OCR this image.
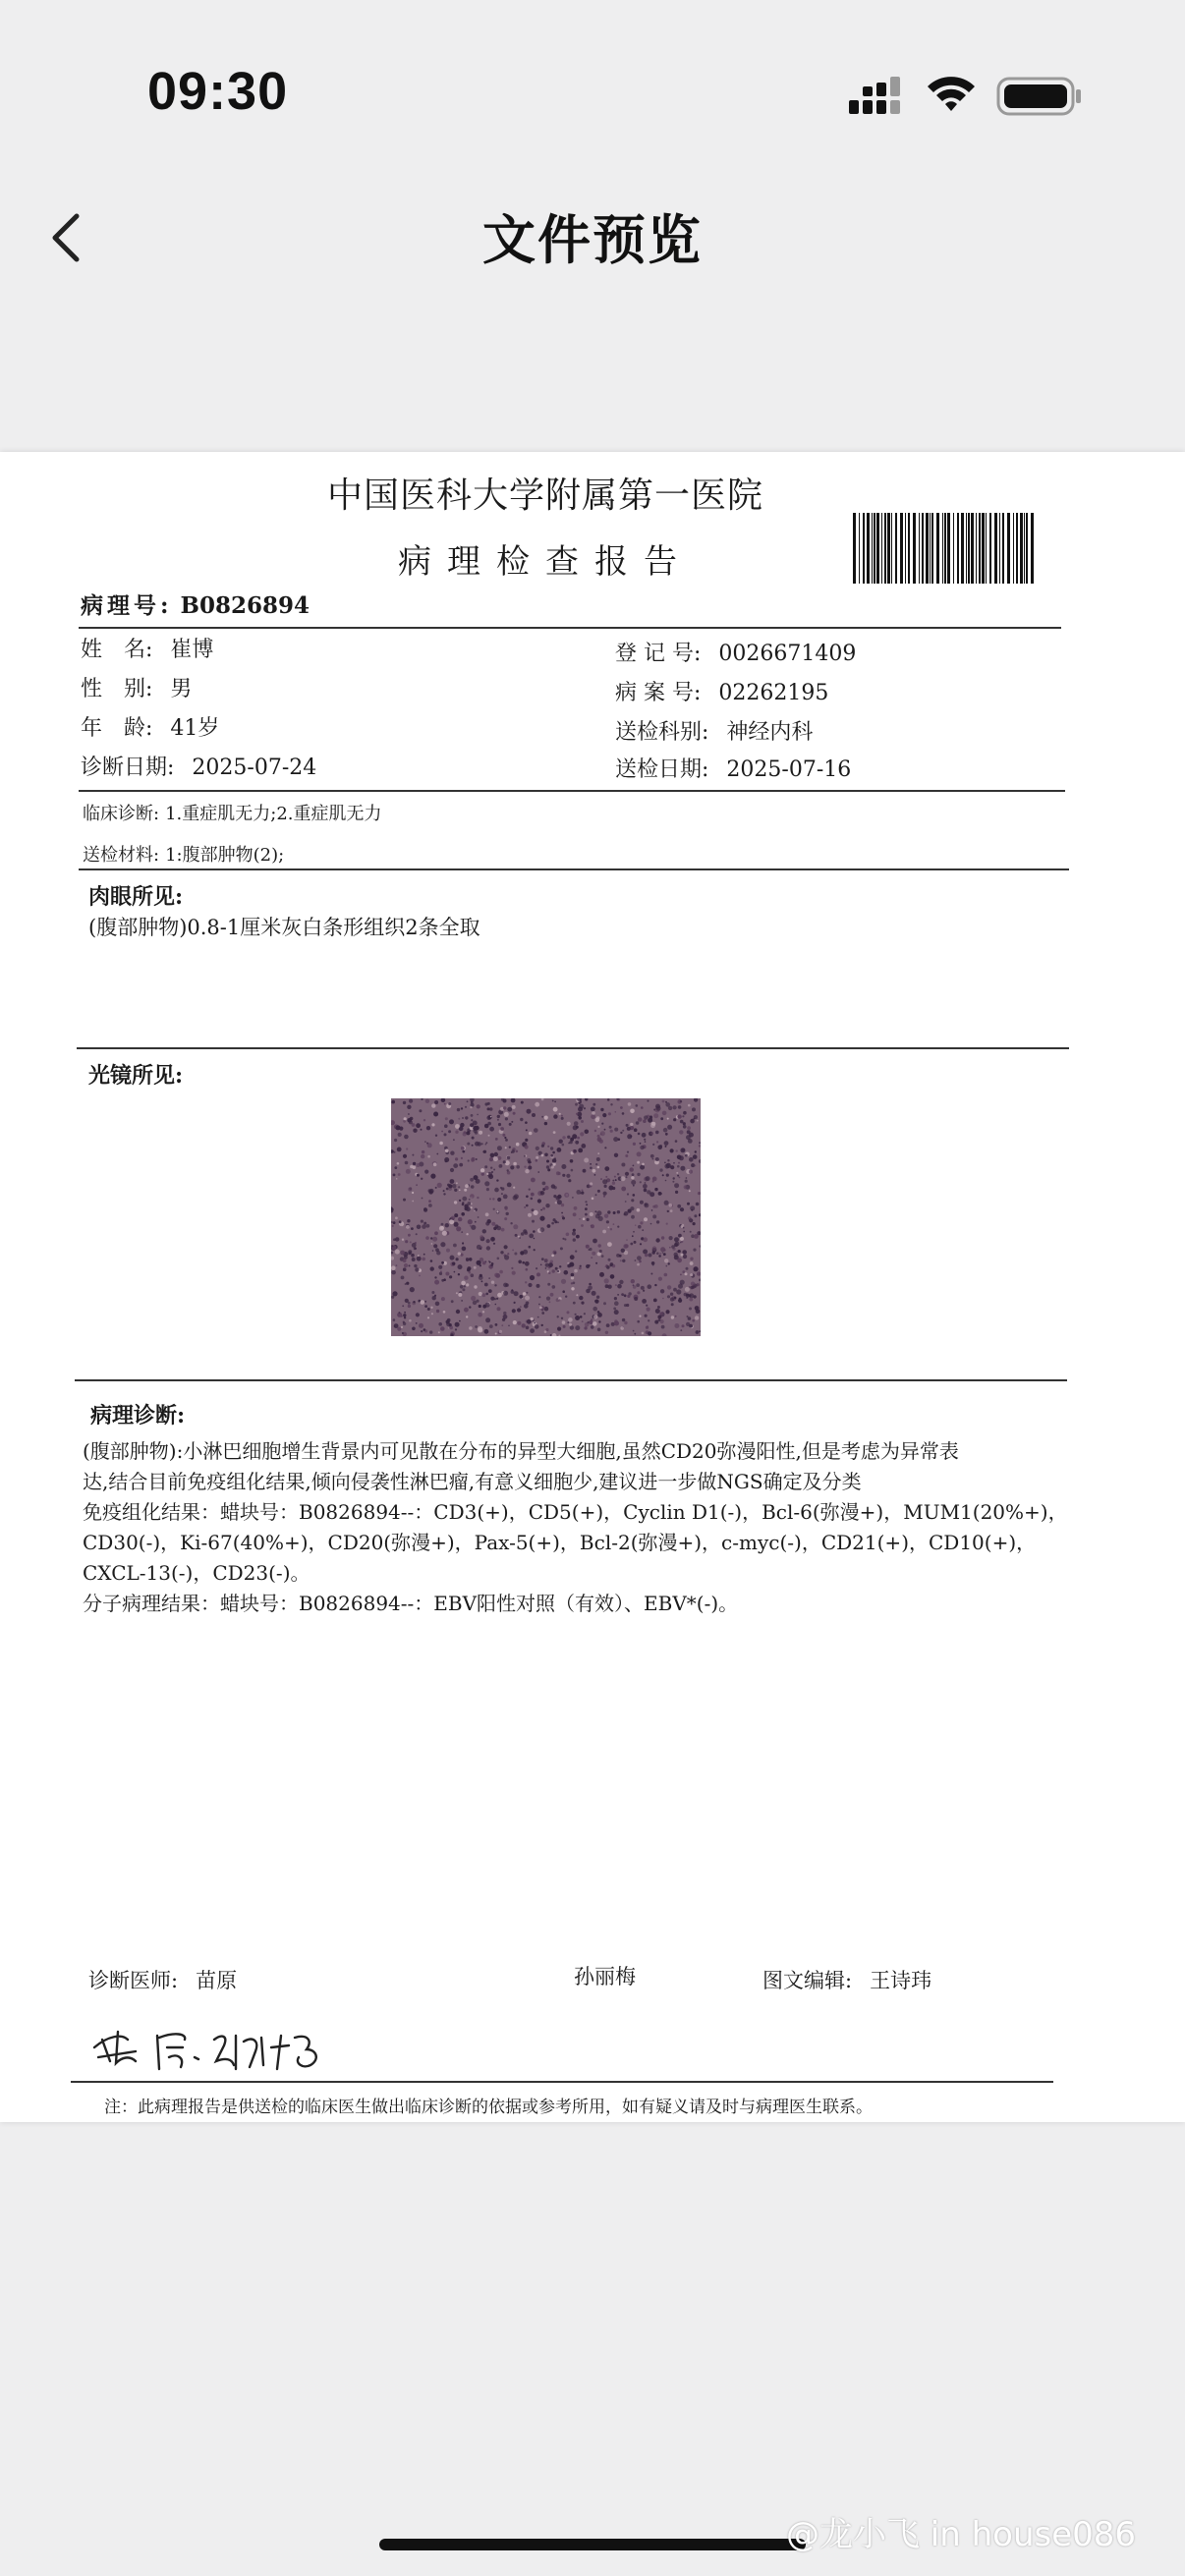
09:30
文件预览
中国医科大学附属第一医院
病理检查报告
病理号: B0826894
姓　名: 崔博
性　别: 男
年　龄: 41岁
诊断日期: 2025-07-24
登 记 号: 0026671409
病 案 号: 02262195
送检科别: 神经内科
送检日期: 2025-07-16
临床诊断: 1.重症肌无力;2.重症肌无力
送检材料: 1:腹部肿物(2);
肉眼所见:
(腹部肿物)0.8-1厘米灰白条形组织2条全取
光镜所见:
病理诊断:

(腹部肿物):小淋巴细胞增生背景内可见散在分布的异型大细胞,虽然CD20弥漫阳性,但是考虑为异常表

达,结合目前免疫组化结果,倾向侵袭性淋巴瘤,有意义细胞少,建议进一步做NGS确定及分类

免疫组化结果：蜡块号：B0826894--：CD3(+)，CD5(+)，Cyclin D1(-)，Bcl-6(弥漫+)，MUM1(20%+)，

CD30(-)，Ki-67(40%+)，CD20(弥漫+)，Pax-5(+)，Bcl-2(弥漫+)，c-myc(-)，CD21(+)，CD10(+)，

CXCL-13(-)，CD23(-)。

分子病理结果：蜡块号：B0826894--：EBV阳性对照（有效）、EBV*(-)。

诊断医师: 苗原	孙丽梅	图文编辑: 王诗玮
注：此病理报告是供送检的临床医生做出临床诊断的依据或参考所用，如有疑义请及时与病理医生联系。
@龙小飞 in house086
